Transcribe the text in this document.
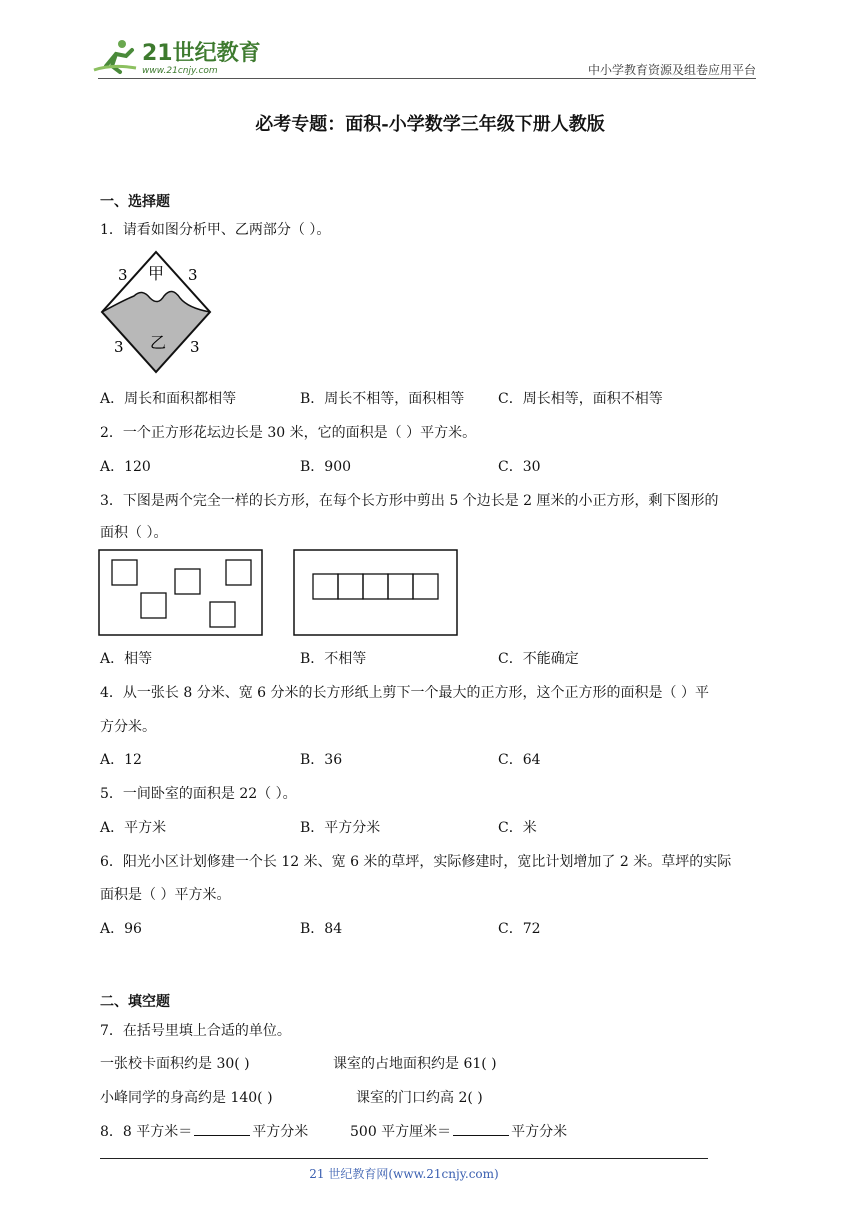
21世纪教育
www.21cnjy.com	中小学教育资源及组卷应用平台
必考专题：面积-小学数学三年级下册人教版
一、选择题
1．请看如图分析甲、乙两部分（ ）。
甲
乙
3	3
3	3
A．周长和面积都相等	B．周长不相等，面积相等 C．周长相等，面积不相等
2．一个正方形花坛边长是 30 米，它的面积是（ ）平方米。
A．120	B．900	C．30
3．下图是两个完全一样的长方形，在每个长方形中剪出 5 个边长是 2 厘米的小正方形，剩下图形的
面积（ ）。
A．相等	B．不相等	C．不能确定
4．从一张长 8 分米、宽 6 分米的长方形纸上剪下一个最大的正方形，这个正方形的面积是（ ）平
方分米。
A．12	B．36	C．64
5．一间卧室的面积是 22（ ）。
A．平方米	B．平方分米	C．米
6．阳光小区计划修建一个长 12 米、宽 6 米的草坪，实际修建时，宽比计划增加了 2 米。草坪的实际
面积是（ ）平方米。
A．96	B．84	C．72
二、填空题
7．在括号里填上合适的单位。
一张校卡面积约是 30( )	课室的占地面积约是 61( )
小峰同学的身高约是 140( )	课室的门口约高 2( )
8．8 平方米＝	平方分米	500 平方厘米＝	平方分米
21 世纪教育网(www.21cnjy.com)
